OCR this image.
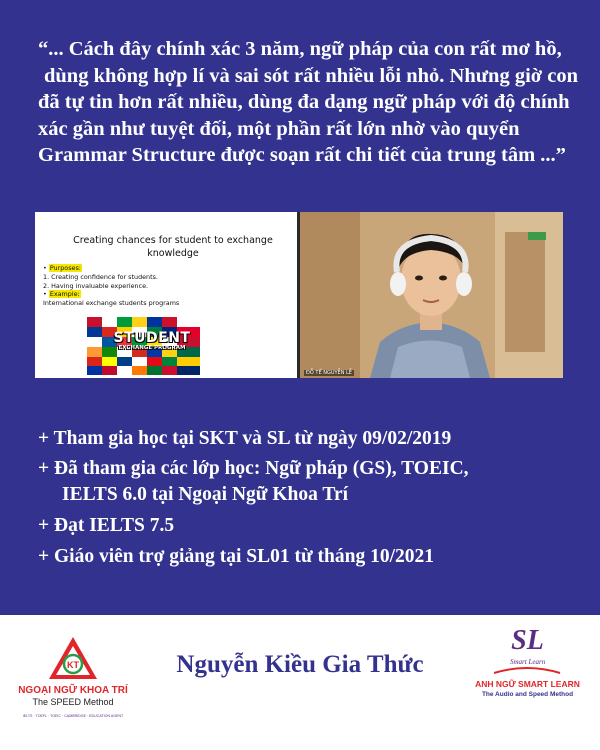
“... Cách đây chính xác 3 năm, ngữ pháp của con rất mơ hồ,
dùng không hợp lí và sai sót rất nhiều lỗi nhỏ. Nhưng giờ con
đã tự tin hơn rất nhiều, dùng đa dạng ngữ pháp với độ chính
xác gần như tuyệt đối, một phần rất lớn nhờ vào quyển
Grammar Structure được soạn rất chi tiết của trung tâm ...”
Creating chances for student to exchange knowledge
• Purposes:
1. Creating confidence for students.
2. Having invaluable experience.
• Example:
International exchange students programs
STUDENT
EXCHANGE PROGRAM
ĐỖ TẾ NGUYỄN LỄ
+ Tham gia học tại SKT và SL từ ngày 09/02/2019
+ Đã tham gia các lớp học: Ngữ pháp (GS), TOEIC,
IELTS 6.0 tại Ngoại Ngữ Khoa Trí
+ Đạt IELTS 7.5
+ Giáo viên trợ giảng tại SL01 từ tháng 10/2021
KT
NGOẠI NGỮ KHOA TRÍ
The SPEED Method
IELTS · TOEFL · TOEIC · CAMBRIDGE · EDUCATION AGENT
Nguyễn Kiều Gia Thức
SL
Smart Learn
ANH NGỮ SMART LEARN
The Audio and Speed Method
